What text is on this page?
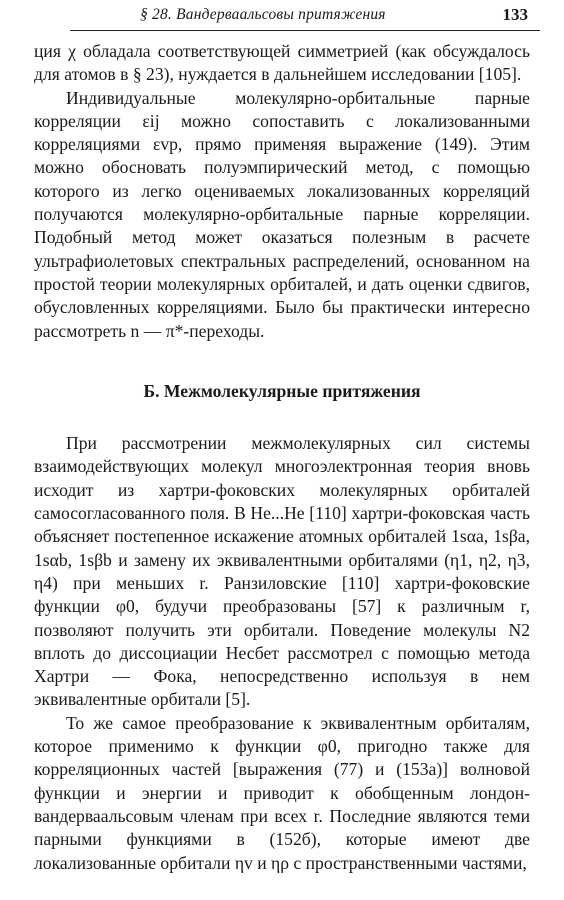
§ 28. Вандерваальсовы притяжения	133

ция χ обладала соответствующей симметрией (как обсуждалось для атомов в § 23), нуждается в дальнейшем исследовании [105].

Индивидуальные молекулярно-орбитальные парные корреляции εij можно сопоставить с локализованными корреляциями εvp, прямо применяя выражение (149). Этим можно обосновать полуэмпирический метод, с помощью которого из легко оцениваемых локализованных корреляций получаются молекулярно-орбитальные парные корреляции. Подобный метод может оказаться полезным в расчете ультрафиолетовых спектральных распределений, основанном на простой теории молекулярных орбиталей, и дать оценки сдвигов, обусловленных корреляциями. Было бы практически интересно рассмотреть n — π*-переходы.

Б. Межмолекулярные притяжения

При рассмотрении межмолекулярных сил системы взаимодействующих молекул многоэлектронная теория вновь исходит из хартри-фоковских молекулярных орбиталей самосогласованного поля. В He...He [110] хартри-фоковская часть объясняет постепенное искажение атомных орбиталей 1sαa, 1sβa, 1sαb, 1sβb и замену их эквивалентными орбиталями (η1, η2, η3, η4) при меньших r. Ранзиловские [110] хартри-фоковские функции φ0, будучи преобразованы [57] к различным r, позволяют получить эти орбитали. Поведение молекулы N2 вплоть до диссоциации Несбет рассмотрел с помощью метода Хартри — Фока, непосредственно используя в нем эквивалентные орбитали [5].

То же самое преобразование к эквивалентным орбиталям, которое применимо к функции φ0, пригодно также для корреляционных частей [выражения (77) и (153а)] волновой функции и энергии и приводит к обобщенным лондон-вандерваальсовым членам при всех r. Последние являются теми парными функциями в (152б), которые имеют две локализованные орбитали ηv и ηρ с пространственными частями,
